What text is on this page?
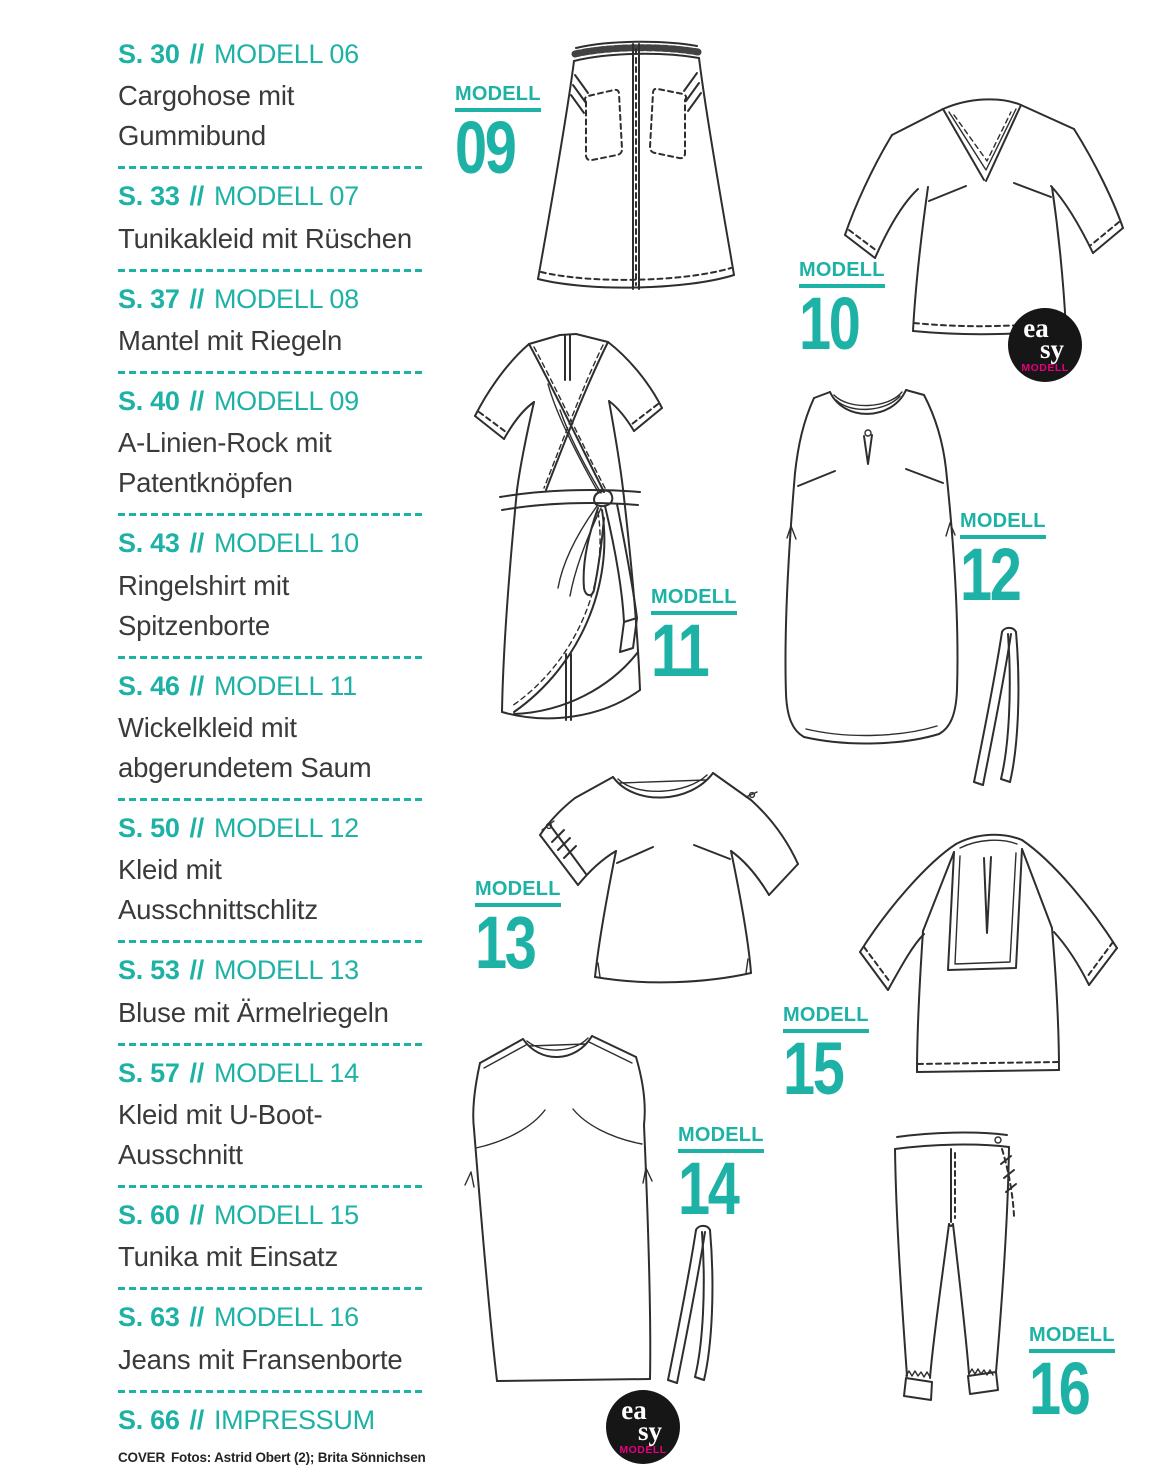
S. 30 // MODELL 06
Cargohose mit
Gummibund
S. 33 // MODELL 07
Tunikakleid mit Rüschen
S. 37 // MODELL 08
Mantel mit Riegeln
S. 40 // MODELL 09
A-Linien-Rock mit
Patentknöpfen
S. 43 // MODELL 10
Ringelshirt mit
Spitzenborte
S. 46 // MODELL 11
Wickelkleid mit
abgerundetem Saum
S. 50 // MODELL 12
Kleid mit Ausschnittschlitz
S. 53 // MODELL 13
Bluse mit Ärmelriegeln
S. 57 // MODELL 14
Kleid mit U-Boot-
Ausschnitt
S. 60 // MODELL 15
Tunika mit Einsatz
S. 63 // MODELL 16
Jeans mit Fransenborte
S. 66 // IMPRESSUM
COVER Fotos: Astrid Obert (2); Brita Sönnichsen
MODELL
09
MODELL
10
MODELL
11
MODELL
12
MODELL
13
MODELL
14
MODELL
15
MODELL
16
ea
sy
MODELL
ea
sy
MODELL
